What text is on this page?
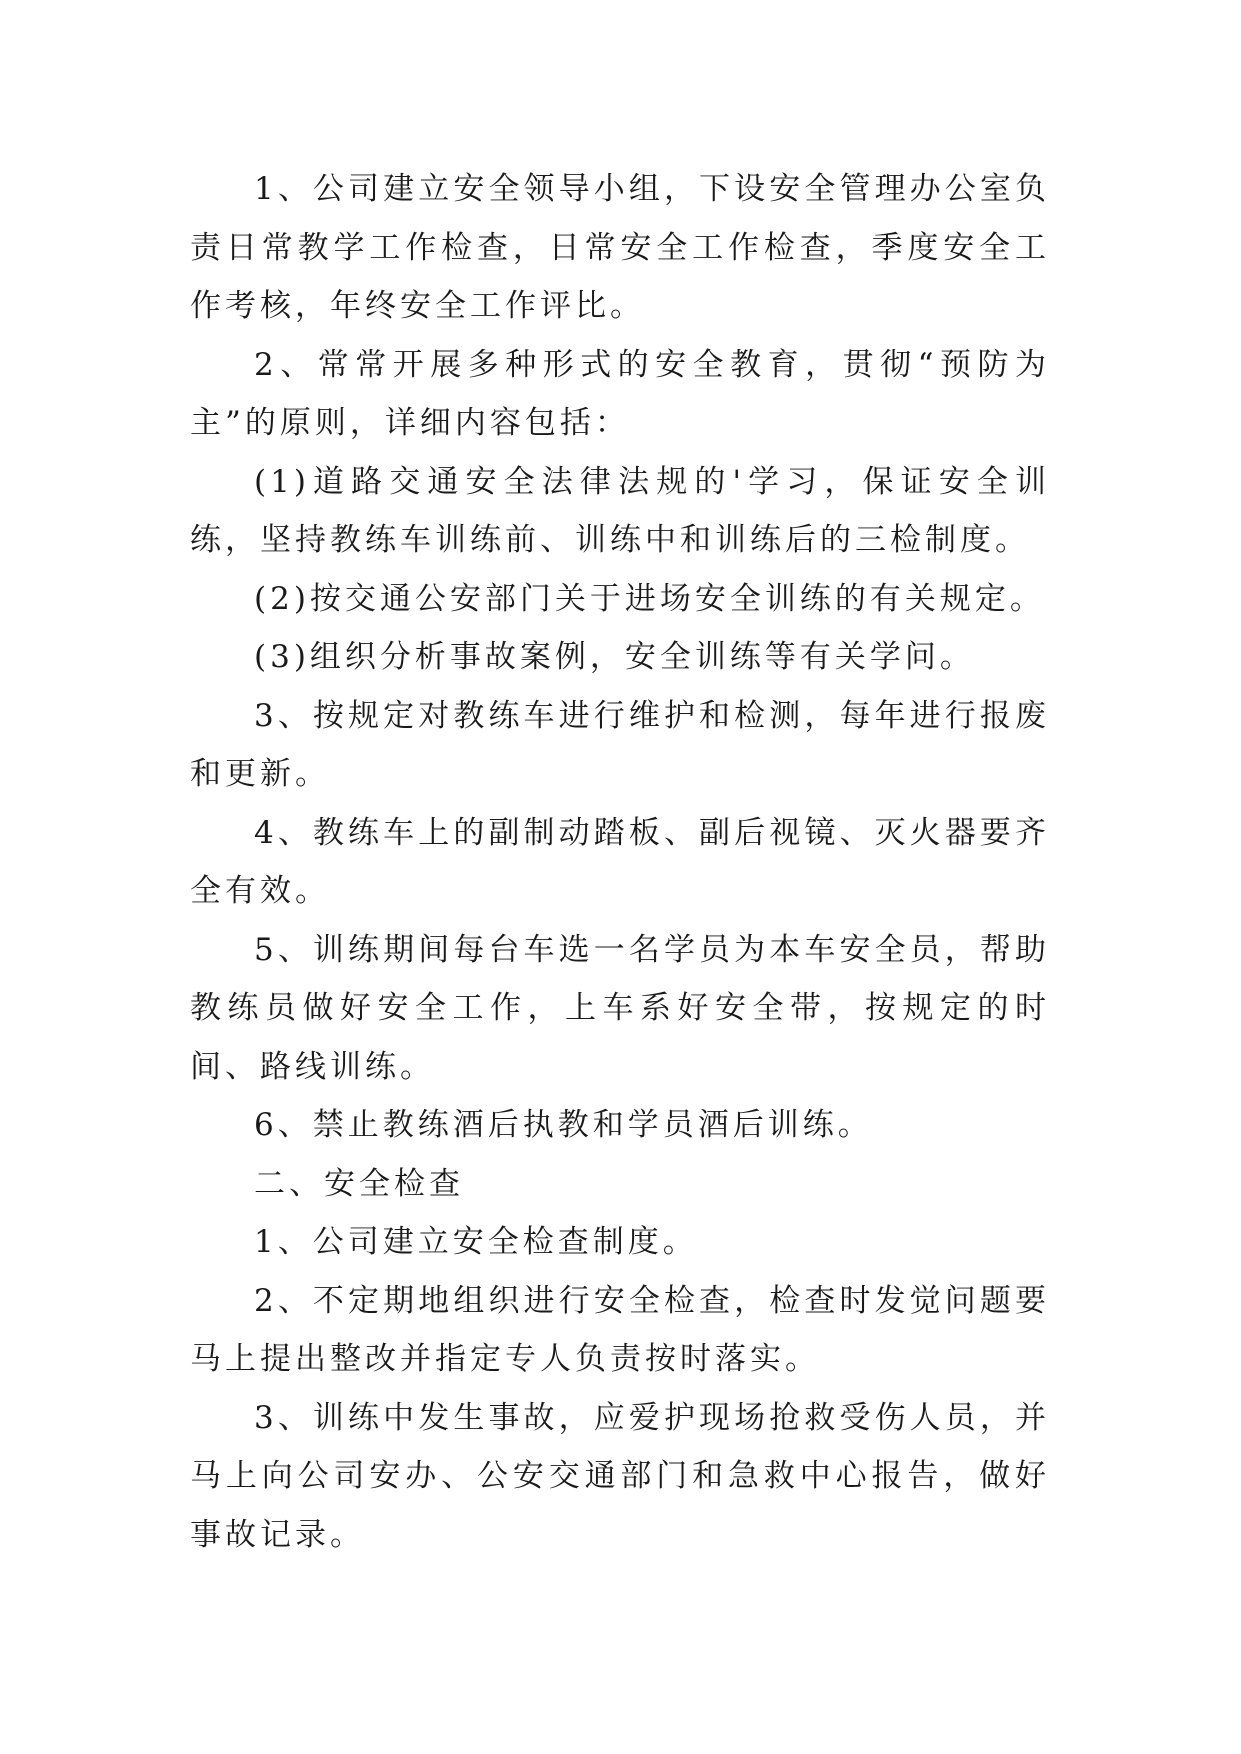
1、公司建立安全领导小组，下设安全管理办公室负责日常教学工作检查，日常安全工作检查，季度安全工作考核，年终安全工作评比。

2、常常开展多种形式的安全教育，贯彻“预防为主”的原则，详细内容包括：

(1)道路交通安全法律法规的'学习，保证安全训练，坚持教练车训练前、训练中和训练后的三检制度。

(2)按交通公安部门关于进场安全训练的有关规定。

(3)组织分析事故案例，安全训练等有关学问。

3、按规定对教练车进行维护和检测，每年进行报废和更新。

4、教练车上的副制动踏板、副后视镜、灭火器要齐全有效。

5、训练期间每台车选一名学员为本车安全员，帮助教练员做好安全工作，上车系好安全带，按规定的时间、路线训练。

6、禁止教练酒后执教和学员酒后训练。

二、安全检查

1、公司建立安全检查制度。

2、不定期地组织进行安全检查，检查时发觉问题要马上提出整改并指定专人负责按时落实。

3、训练中发生事故，应爱护现场抢救受伤人员，并马上向公司安办、公安交通部门和急救中心报告，做好事故记录。
